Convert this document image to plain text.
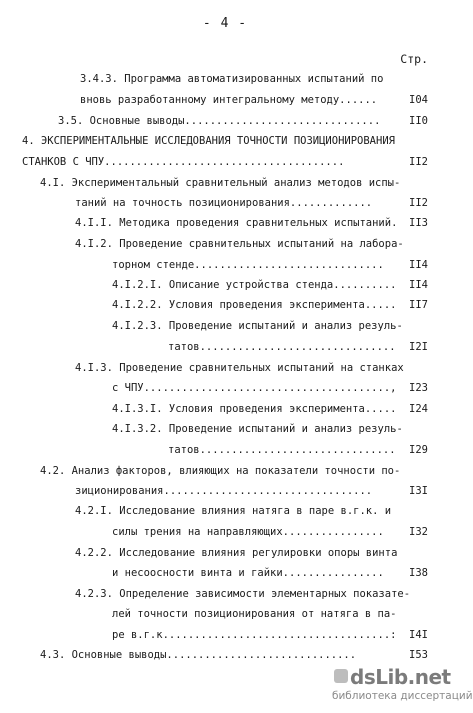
- 4 -
Стр.
3.4.3. Программа автоматизированных испытаний по
вновь разработанному интегральному методу......	I04
3.5. Основные выводы...............................	II0
4. ЭКСПЕРИМЕНТАЛЬНЫЕ ИССЛЕДОВАНИЯ ТОЧНОСТИ ПОЗИЦИОНИРОВАНИЯ
СТАНКОВ С ЧПУ......................................	II2
4.I. Экспериментальный сравнительный анализ методов испы-
таний на точность позиционирования.............	II2
4.I.I. Методика проведения сравнительных испытаний. II3
4.I.2. Проведение сравнительных испытаний на лабора-
торном стенде.............................. II4
4.I.2.I. Описание устройства стенда.......... II4
4.I.2.2. Условия проведения эксперимента..... II7
4.I.2.3. Проведение испытаний и анализ резуль-
татов............................... I2I
4.I.3. Проведение сравнительных испытаний на станках
с ЧПУ......................................., I23
4.I.3.I. Условия проведения эксперимента..... I24
4.I.3.2. Проведение испытаний и анализ резуль-
татов............................... I29
4.2. Анализ факторов, влияющих на показатели точности по-
зиционирования.................................	I3I
4.2.I. Исследование влияния натяга в паре в.г.к. и
силы трения на направляющих................ I32
4.2.2. Исследование влияния регулировки опоры винта
и несоосности винта и гайки................ I38
4.2.3. Определение зависимости элементарных показате-
лей точности позиционирования от натяга в па-
ре в.г.к....................................: I4I
4.3. Основные выводы..............................	I53
dsLib.net
библиотека диссертаций
